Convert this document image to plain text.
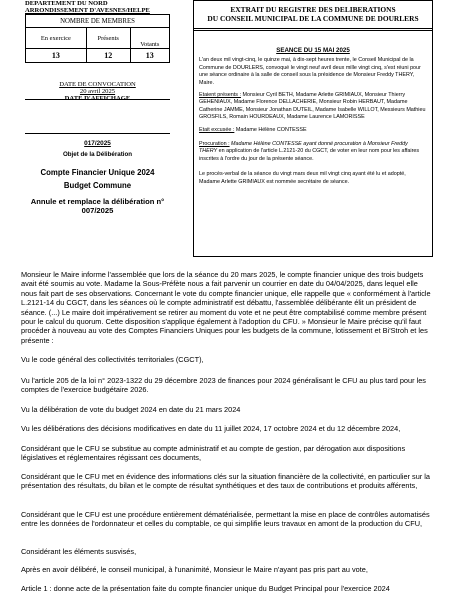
DEPARTEMENT DU NORD
ARRONDISSEMENT D'AVESNES/HELPE
NOMBRE DE MEMBRES		
En exercice	Présents	Votants
13	12	13
DATE DE CONVOCATION
20 avril 2025
DATE D'AFFICHAGE
017/2025
Objet de la Délibération
Compte Financier Unique 2024
Budget Commune
Annule et remplace la délibération n° 007/2025
EXTRAIT DU REGISTRE DES DELIBERATIONS
DU CONSEIL MUNICIPAL DE LA COMMUNE DE DOURLERS

SEANCE DU 15 MAI 2025

L'an deux mil vingt-cinq, le quinze mai, à dix-sept heures trente, le Conseil Municipal de la Commune de DOURLERS, convoqué le vingt neuf avril deux mille vingt cinq, s'est réuni pour une séance ordinaire à la salle de conseil sous la présidence de Monsieur Freddy THERY, Maire.

Etaient présents : Monsieur Cyril BETH, Madame Arlette GRIMIAUX, Monsieur Thierry GEHENIAUX, Madame Florence DELLACHERIE, Monsieur Robin HERBAUT, Madame Catherine JAMME, Monsieur Jonathan DUTEIL, Madame Isabelle WILLOT, Messieurs Mathieu GROSFILS, Romain HOURDEAUX, Madame Laurence LAMORISSE

Etait excusée : Madame Hélène CONTESSE

Procuration : Madame Hélène CONTESSE ayant donné procuration à Monsieur Freddy THERY en application de l'article L.2121-20 du CGCT, de voter en leur nom pour les affaires inscrites à l'ordre du jour de la présente séance.

Le procès-verbal de la séance du vingt mars deux mil vingt cinq ayant été lu et adopté, Madame Arlette GRIMIAUX est nommée secrétaire de séance.

Monsieur le Maire informe l'assemblée que lors de la séance du 20 mars 2025, le compte financier unique des trois budgets avait été soumis au vote. Madame la Sous-Préfète nous a fait parvenir un courrier en date du 04/04/2025, dans lequel elle nous fait part de ses observations. Concernant le vote du compte financier unique, elle rappelle que « conformément à l'article L.2121-14 du CGCT, dans les séances où le compte administratif est débattu, l'assemblée délibérante élit un président de séance. (...) Le maire doit impérativement se retirer au moment du vote et ne peut être comptabilisé comme membre présent pour le calcul du quorum. Cette disposition s'applique également à l'adoption du CFU. » Monsieur le Maire précise qu'il faut procéder à nouveau au vote des Comptes Financiers Uniques pour les budgets de la commune, lotissement et Bi'Stroh et les présente :

Vu le code général des collectivités territoriales (CGCT),

Vu l'article 205 de la loi n° 2023-1322 du 29 décembre 2023 de finances pour 2024 généralisant le CFU au plus tard pour les comptes de l'exercice budgétaire 2026.

Vu la délibération de vote du budget 2024 en date du 21 mars 2024

Vu les délibérations des décisions modificatives en date du 11 juillet 2024, 17 octobre 2024 et du 12 décembre 2024,

Considérant que le CFU se substitue au compte administratif et au compte de gestion, par dérogation aux dispositions législatives et réglementaires régissant ces documents,

Considérant que le CFU met en évidence des informations clés sur la situation financière de la collectivité, en particulier sur la présentation des résultats, du bilan et le compte de résultat synthétiques et des taux de contributions et produits afférents,

Considérant que le CFU est une procédure entièrement dématérialisée, permettant la mise en place de contrôles automatisés entre les données de l'ordonnateur et celles du comptable, ce qui simplifie leurs travaux en amont de la production du CFU,

Considérant les éléments susvisés,

Après en avoir délibéré, le conseil municipal, à l'unanimité, Monsieur le Maire n'ayant pas pris part au vote,

Article 1 : donne acte de la présentation faite du compte financier unique du Budget Principal pour l'exercice 2024
